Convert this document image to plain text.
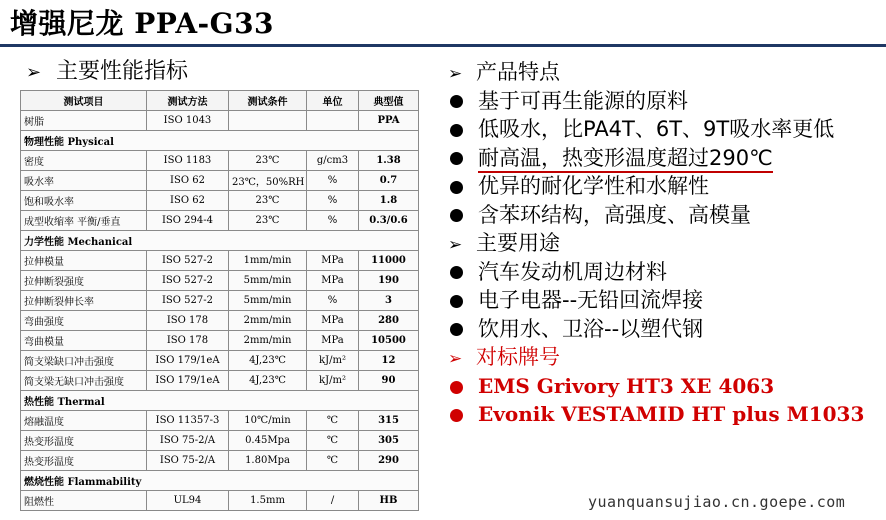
增强尼龙 PPA-G33
➢ 主要性能指标
测试项目	测试方法	测试条件	单位	典型值
树脂	ISO 1043			PPA
物理性能 Physical				
密度	ISO 1183	23℃	g/cm3	1.38
吸水率	ISO 62	23℃，50%RH	%	0.7
饱和吸水率	ISO 62	23℃	%	1.8
成型收缩率 平衡/垂直	ISO 294-4	23℃	%	0.3/0.6
力学性能 Mechanical				
拉伸模量	ISO 527-2	1mm/min	MPa	11000
拉伸断裂强度	ISO 527-2	5mm/min	MPa	190
拉伸断裂伸长率	ISO 527-2	5mm/min	%	3
弯曲强度	ISO 178	2mm/min	MPa	280
弯曲模量	ISO 178	2mm/min	MPa	10500
简支梁缺口冲击强度	ISO 179/1eA	4J,23℃	kJ/m²	12
简支梁无缺口冲击强度	ISO 179/1eA	4J,23℃	kJ/m²	90
热性能 Thermal				
熔融温度	ISO 11357-3	10℃/min	℃	315
热变形温度	ISO 75-2/A	0.45Mpa	℃	305
热变形温度	ISO 75-2/A	1.80Mpa	℃	290
燃烧性能 Flammability				
阻燃性	UL94	1.5mm	/	HB
➢ 产品特点
基于可再生能源的原料
低吸水，比PA4T、6T、9T吸水率更低
耐高温，热变形温度超过290℃
优异的耐化学性和水解性
含苯环结构，高强度、高模量
➢ 主要用途
汽车发动机周边材料
电子电器--无铅回流焊接
饮用水、卫浴--以塑代钢
➢ 对标牌号
EMS Grivory HT3 XE 4063
Evonik VESTAMID HT plus M1033
yuanquansujiao.cn.goepe.com
